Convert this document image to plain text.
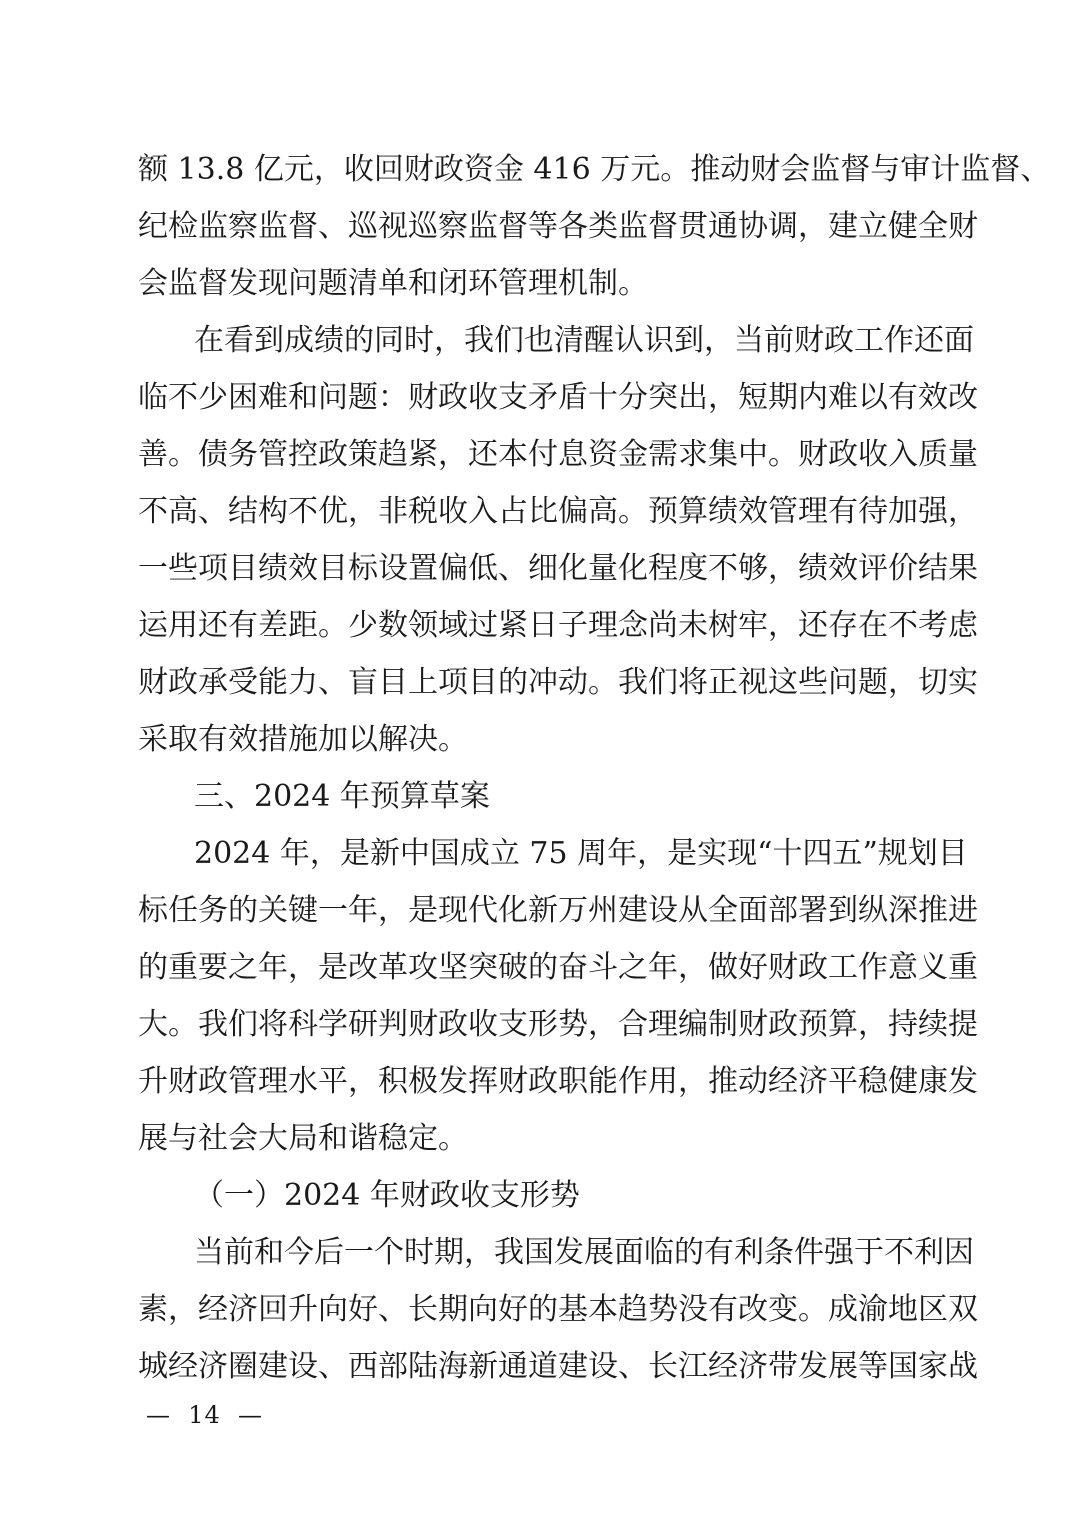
额 13.8 亿元，收回财政资金 416 万元。推动财会监督与审计监督、
纪检监察监督、巡视巡察监督等各类监督贯通协调，建立健全财
会监督发现问题清单和闭环管理机制。
在看到成绩的同时，我们也清醒认识到，当前财政工作还面
临不少困难和问题：财政收支矛盾十分突出，短期内难以有效改
善。债务管控政策趋紧，还本付息资金需求集中。财政收入质量
不高、结构不优，非税收入占比偏高。预算绩效管理有待加强，
一些项目绩效目标设置偏低、细化量化程度不够，绩效评价结果
运用还有差距。少数领域过紧日子理念尚未树牢，还存在不考虑
财政承受能力、盲目上项目的冲动。我们将正视这些问题，切实
采取有效措施加以解决。
三、2024 年预算草案
2024 年，是新中国成立 75 周年，是实现“十四五”规划目
标任务的关键一年，是现代化新万州建设从全面部署到纵深推进
的重要之年，是改革攻坚突破的奋斗之年，做好财政工作意义重
大。我们将科学研判财政收支形势，合理编制财政预算，持续提
升财政管理水平，积极发挥财政职能作用，推动经济平稳健康发
展与社会大局和谐稳定。
（一）2024 年财政收支形势
当前和今后一个时期，我国发展面临的有利条件强于不利因
素，经济回升向好、长期向好的基本趋势没有改变。成渝地区双
城经济圈建设、西部陆海新通道建设、长江经济带发展等国家战
—  14  —
